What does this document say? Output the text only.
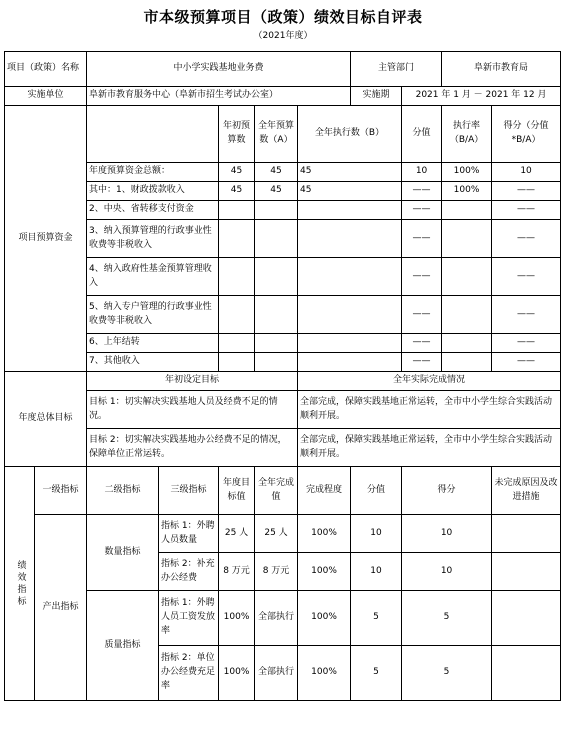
市本级预算项目（政策）绩效目标自评表
（2021年度）
项目（政策）名称		中小学实践基地业务费					主管部门		阜新市教育局	
实施单位		阜新市教育服务中心（阜新市招生考试办公室）					实施期	2021 年 1 月 － 2021 年 12 月		
项目预算资金				年初预算数	全年预算数（A）	全年执行数（B）		分值	执行率（B/A）	得分（分值*B/A）
		年度预算资金总额：		45	45	45		10	100%	10
		其中：1、财政拨款收入		45	45	45		——	100%	——
		2、中央、省转移支付资金						——		——
		3、纳入预算管理的行政事业性收费等非税收入						——		——
		4、纳入政府性基金预算管理收入						——		——
		5、纳入专户管理的行政事业性收费等非税收入						——		——
		6、上年结转						——		——
		7、其他收入						——		——
年度总体目标		年初设定目标				全年实际完成情况				
		目标 1：切实解决实践基地人员及经费不足的情况。				全部完成，保障实践基地正常运转，全市中小学生综合实践活动顺利开展。				
		目标 2：切实解决实践基地办公经费不足的情况，保障单位正常运转。				全部完成，保障实践基地正常运转，全市中小学生综合实践活动顺利开展。				

绩效指标	一级指标	二级指标	三级指标	年度目标值	全年完成值	完成程度	分值	得分		未完成原因及改进措施
	产出指标	数量指标	指标 1：外聘人员数量	25 人	25 人	100%	10	10		
			指标 2：补充办公经费	8 万元	8 万元	100%	10	10		
		质量指标	指标 1：外聘人员工资发放率	100%	全部执行	100%	5	5		
			指标 2：单位办公经费充足率	100%	全部执行	100%	5	5		
